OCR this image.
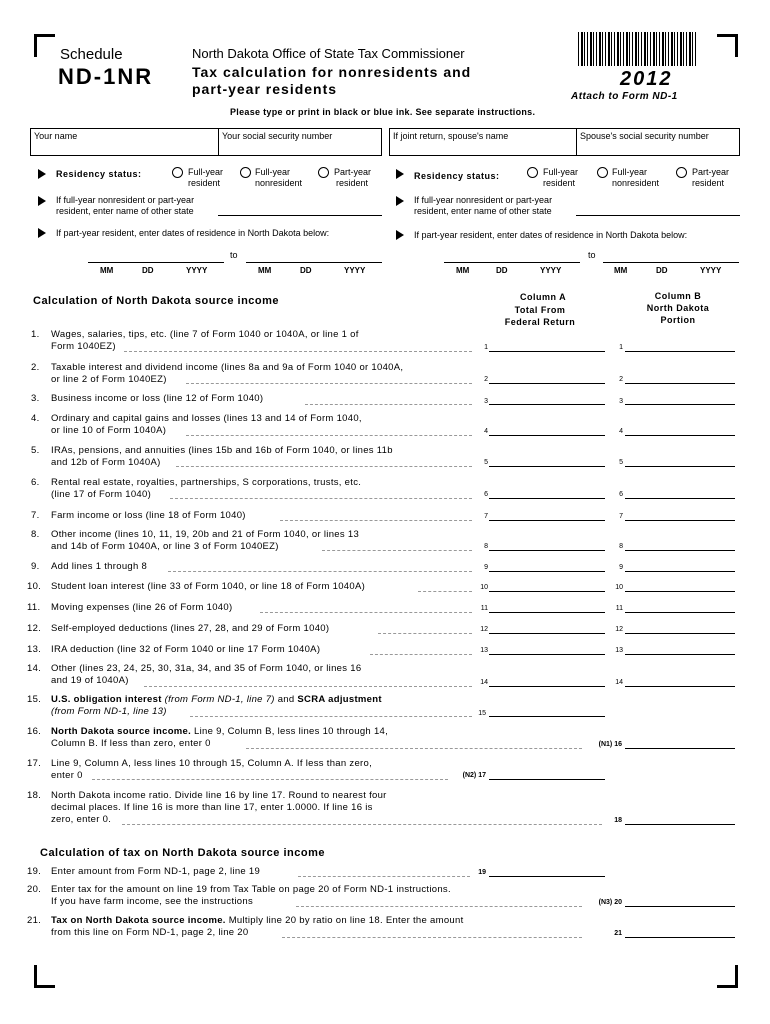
Schedule
ND-1NR
North Dakota Office of State Tax Commissioner
Tax calculation for nonresidents and
part-year residents	2012
Attach to Form ND-1
Please type or print in black or blue ink. See separate instructions.
Your name	Your social security number	If joint return, spouse's name	Spouse's social security number
Residency status:	Full-year
resident
Full-year
nonresident
Part-year
resident
If full-year nonresident or part-year
resident, enter name of other state
If part-year resident, enter dates of residence in North Dakota below:
to
MM	DD	YYYY	MM	DD	YYYY
Residency status:	Full-year
resident
Full-year
nonresident
Part-year
resident
If full-year nonresident or part-year
resident, enter name of other state
If part-year resident, enter dates of residence in North Dakota below:
to
MM	DD	YYYY	MM	DD	YYYY
Calculation of North Dakota source income	Column A
Total From
Federal Return
Column B
North Dakota
Portion
1. Wages, salaries, tips, etc. (line 7 of Form 1040 or 1040A, or line 1 of
Form 1040EZ)	1	1
2. Taxable interest and dividend income (lines 8a and 9a of Form 1040 or 1040A,
or line 2 of Form 1040EZ)	2	2
3. Business income or loss (line 12 of Form 1040)	3	3
4. Ordinary and capital gains and losses (lines 13 and 14 of Form 1040,
or line 10 of Form 1040A)	4	4
5. IRAs, pensions, and annuities (lines 15b and 16b of Form 1040, or lines 11b
and 12b of Form 1040A)	5	5
6. Rental real estate, royalties, partnerships, S corporations, trusts, etc.
(line 17 of Form 1040)	6	6
7. Farm income or loss (line 18 of Form 1040)	7	7
8. Other income (lines 10, 11, 19, 20b and 21 of Form 1040, or lines 13
and 14b of Form 1040A, or line 3 of Form 1040EZ)	8	8
9. Add lines 1 through 8	9	9
10. Student loan interest (line 33 of Form 1040, or line 18 of Form 1040A)	10	10
11. Moving expenses (line 26 of Form 1040)	11	11
12. Self-employed deductions (lines 27, 28, and 29 of Form 1040)	12	12
13. IRA deduction (line 32 of Form 1040 or line 17 Form 1040A)	13	13
14. Other (lines 23, 24, 25, 30, 31a, 34, and 35 of Form 1040, or lines 16
and 19 of 1040A)	14	14
15. U.S. obligation interest (from Form ND-1, line 7) and SCRA adjustment
(from Form ND-1, line 13)	15
16. North Dakota source income. Line 9, Column B, less lines 10 through 14,
Column B. If less than zero, enter 0	(N1) 16
17. Line 9, Column A, less lines 10 through 15, Column A. If less than zero,
enter 0	(N2) 17
18. North Dakota income ratio. Divide line 16 by line 17. Round to nearest four
decimal places. If line 16 is more than line 17, enter 1.0000. If line 16 is
zero, enter 0.	18
Calculation of tax on North Dakota source income
19. Enter amount from Form ND-1, page 2, line 19	19
20. Enter tax for the amount on line 19 from Tax Table on page 20 of Form ND-1 instructions.
If you have farm income, see the instructions	(N3) 20
21. Tax on North Dakota source income. Multiply line 20 by ratio on line 18. Enter the amount
from this line on Form ND-1, page 2, line 20	21
